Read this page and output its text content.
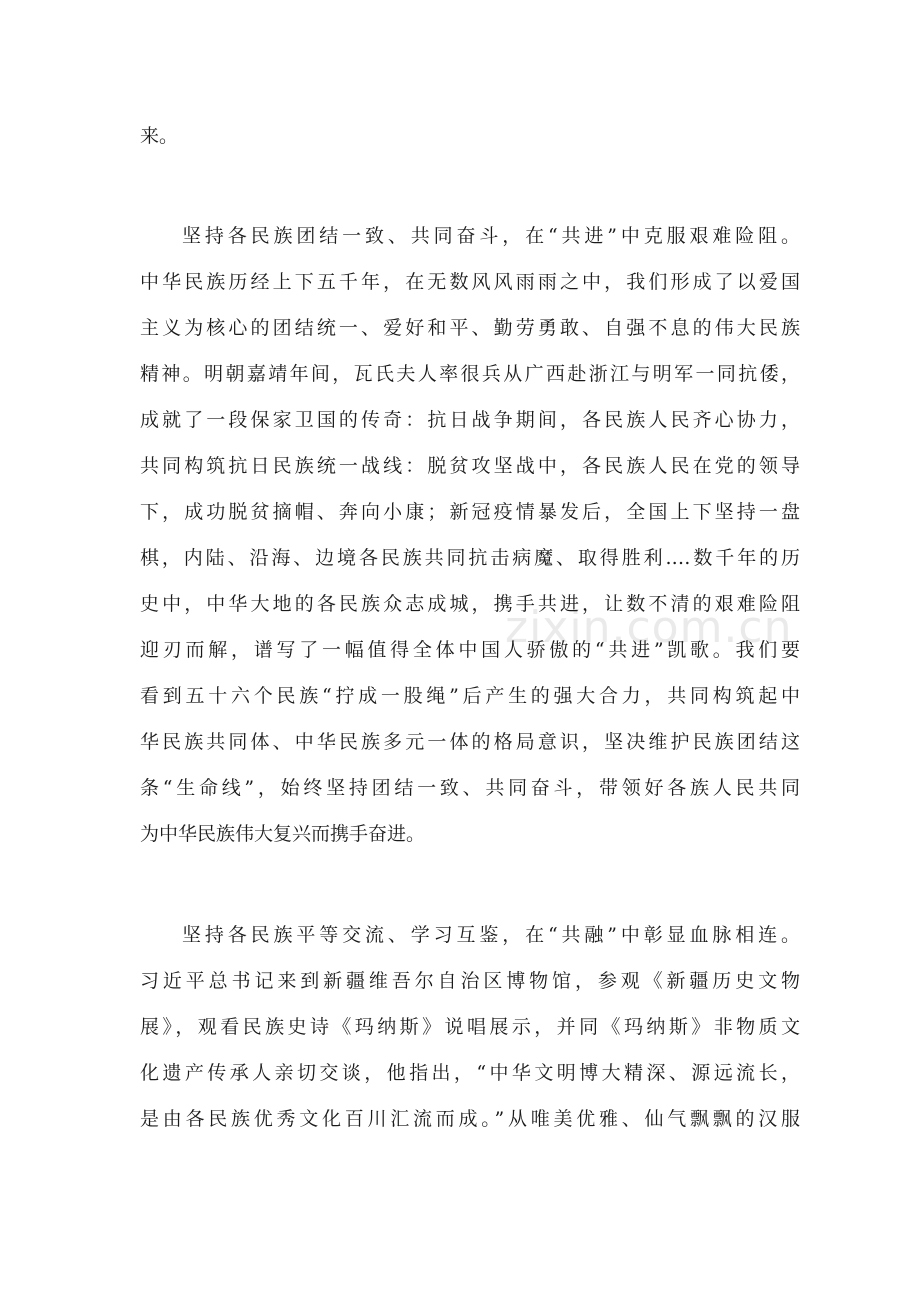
zixin.com.cn
来。
坚持各民族团结一致、共同奋斗，在“共进”中克服艰难险阻。
中华民族历经上下五千年，在无数风风雨雨之中，我们形成了以爱国
主义为核心的团结统一、爱好和平、勤劳勇敢、自强不息的伟大民族
精神。明朝嘉靖年间，瓦氏夫人率很兵从广西赴浙江与明军一同抗倭，
成就了一段保家卫国的传奇：抗日战争期间，各民族人民齐心协力，
共同构筑抗日民族统一战线：脱贫攻坚战中，各民族人民在党的领导
下，成功脱贫摘帽、奔向小康；新冠疫情暴发后，全国上下坚持一盘
棋，内陆、沿海、边境各民族共同抗击病魔、取得胜利.…数千年的历
史中，中华大地的各民族众志成城，携手共进，让数不清的艰难险阻
迎刃而解，谱写了一幅值得全体中国人骄傲的“共进”凯歌。我们要
看到五十六个民族“拧成一股绳”后产生的强大合力，共同构筑起中
华民族共同体、中华民族多元一体的格局意识，坚决维护民族团结这
条“生命线”，始终坚持团结一致、共同奋斗，带领好各族人民共同
为中华民族伟大复兴而携手奋进。
坚持各民族平等交流、学习互鉴，在“共融”中彰显血脉相连。
习近平总书记来到新疆维吾尔自治区博物馆，参观《新疆历史文物
展》，观看民族史诗《玛纳斯》说唱展示，并同《玛纳斯》非物质文
化遗产传承人亲切交谈，他指出，“中华文明博大精深、源远流长，
是由各民族优秀文化百川汇流而成。”从唯美优雅、仙气飘飘的汉服
